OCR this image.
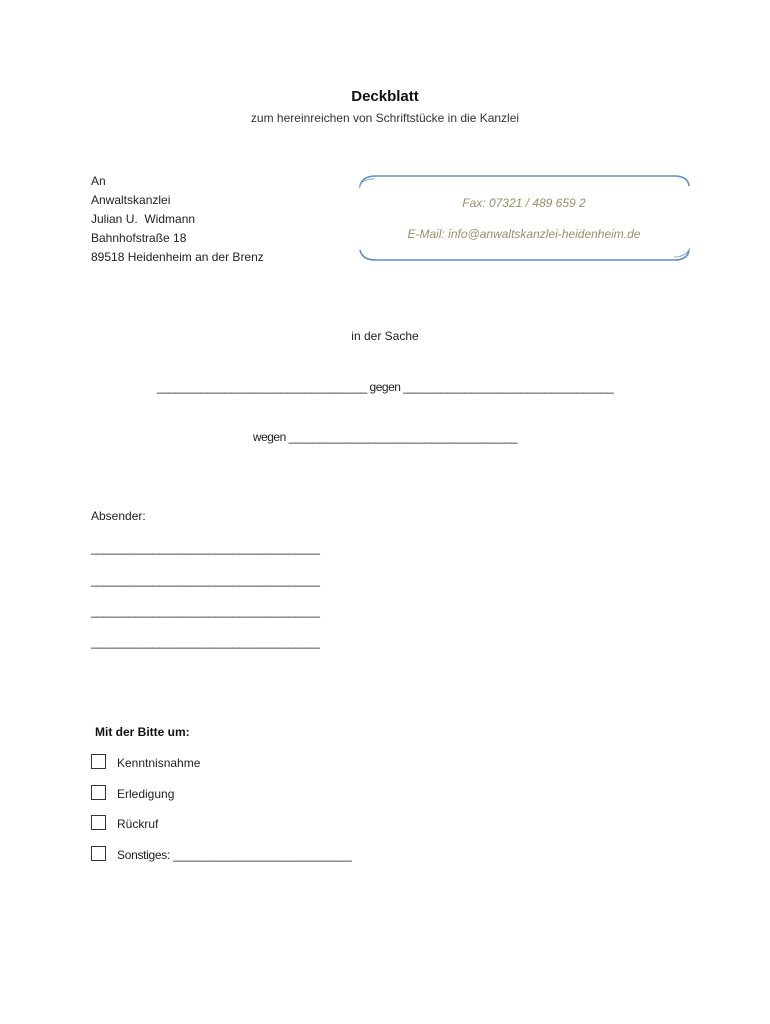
Deckblatt
zum hereinreichen von Schriftstücke in die Kanzlei
An
Anwaltskanzlei
Julian U.  Widmann
Bahnhofstraße 18
89518 Heidenheim an der Brenz
Fax: 07321 / 489 659 2
E-Mail: info@anwaltskanzlei-heidenheim.de
in der Sache
__________________________________ gegen __________________________________
wegen _____________________________________
Absender:
_____________________________________
_____________________________________
_____________________________________
_____________________________________
Mit der Bitte um:
Kenntnisnahme
Erledigung
Rückruf
Sonstiges: ____________________________
